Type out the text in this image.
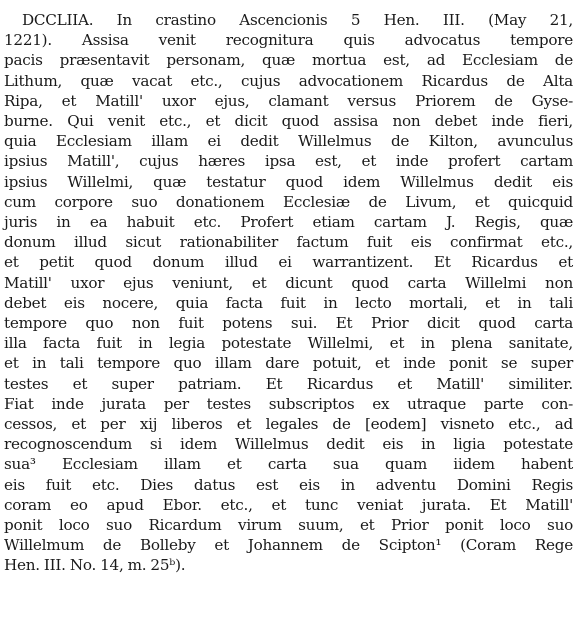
DCCLIIA. In crastino Ascencionis 5 Hen. III. (May 21,
1221). Assisa venit recognitura quis advocatus tempore
pacis præsentavit personam, quæ mortua est, ad Ecclesiam de
Lithum, quæ vacat etc., cujus advocationem Ricardus de Alta
Ripa, et Matill' uxor ejus, clamant versus Priorem de Gyse-
burne. Qui venit etc., et dicit quod assisa non debet inde fieri,
quia Ecclesiam illam ei dedit Willelmus de Kilton, avunculus
ipsius Matill', cujus hæres ipsa est, et inde profert cartam
ipsius Willelmi, quæ testatur quod idem Willelmus dedit eis
cum corpore suo donationem Ecclesiæ de Livum, et quicquid
juris in ea habuit etc. Profert etiam cartam J. Regis, quæ
donum illud sicut rationabiliter factum fuit eis confirmat etc.,
et petit quod donum illud ei warrantizent. Et Ricardus et
Matill' uxor ejus veniunt, et dicunt quod carta Willelmi non
debet eis nocere, quia facta fuit in lecto mortali, et in tali
tempore quo non fuit potens sui. Et Prior dicit quod carta
illa facta fuit in legia potestate Willelmi, et in plena sanitate,
et in tali tempore quo illam dare potuit, et inde ponit se super
testes et super patriam. Et Ricardus et Matill' similiter.
Fiat inde jurata per testes subscriptos ex utraque parte con-
cessos, et per xij liberos et legales de [eodem] visneto etc., ad
recognoscendum si idem Willelmus dedit eis in ligia potestate
sua³ Ecclesiam illam et carta sua quam iidem habent
eis fuit etc. Dies datus est eis in adventu Domini Regis
coram eo apud Ebor. etc., et tunc veniat jurata. Et Matill'
ponit loco suo Ricardum virum suum, et Prior ponit loco suo
Willelmum de Bolleby et Johannem de Scipton¹ (Coram Rege
Hen. III. No. 14, m. 25ᵇ).
